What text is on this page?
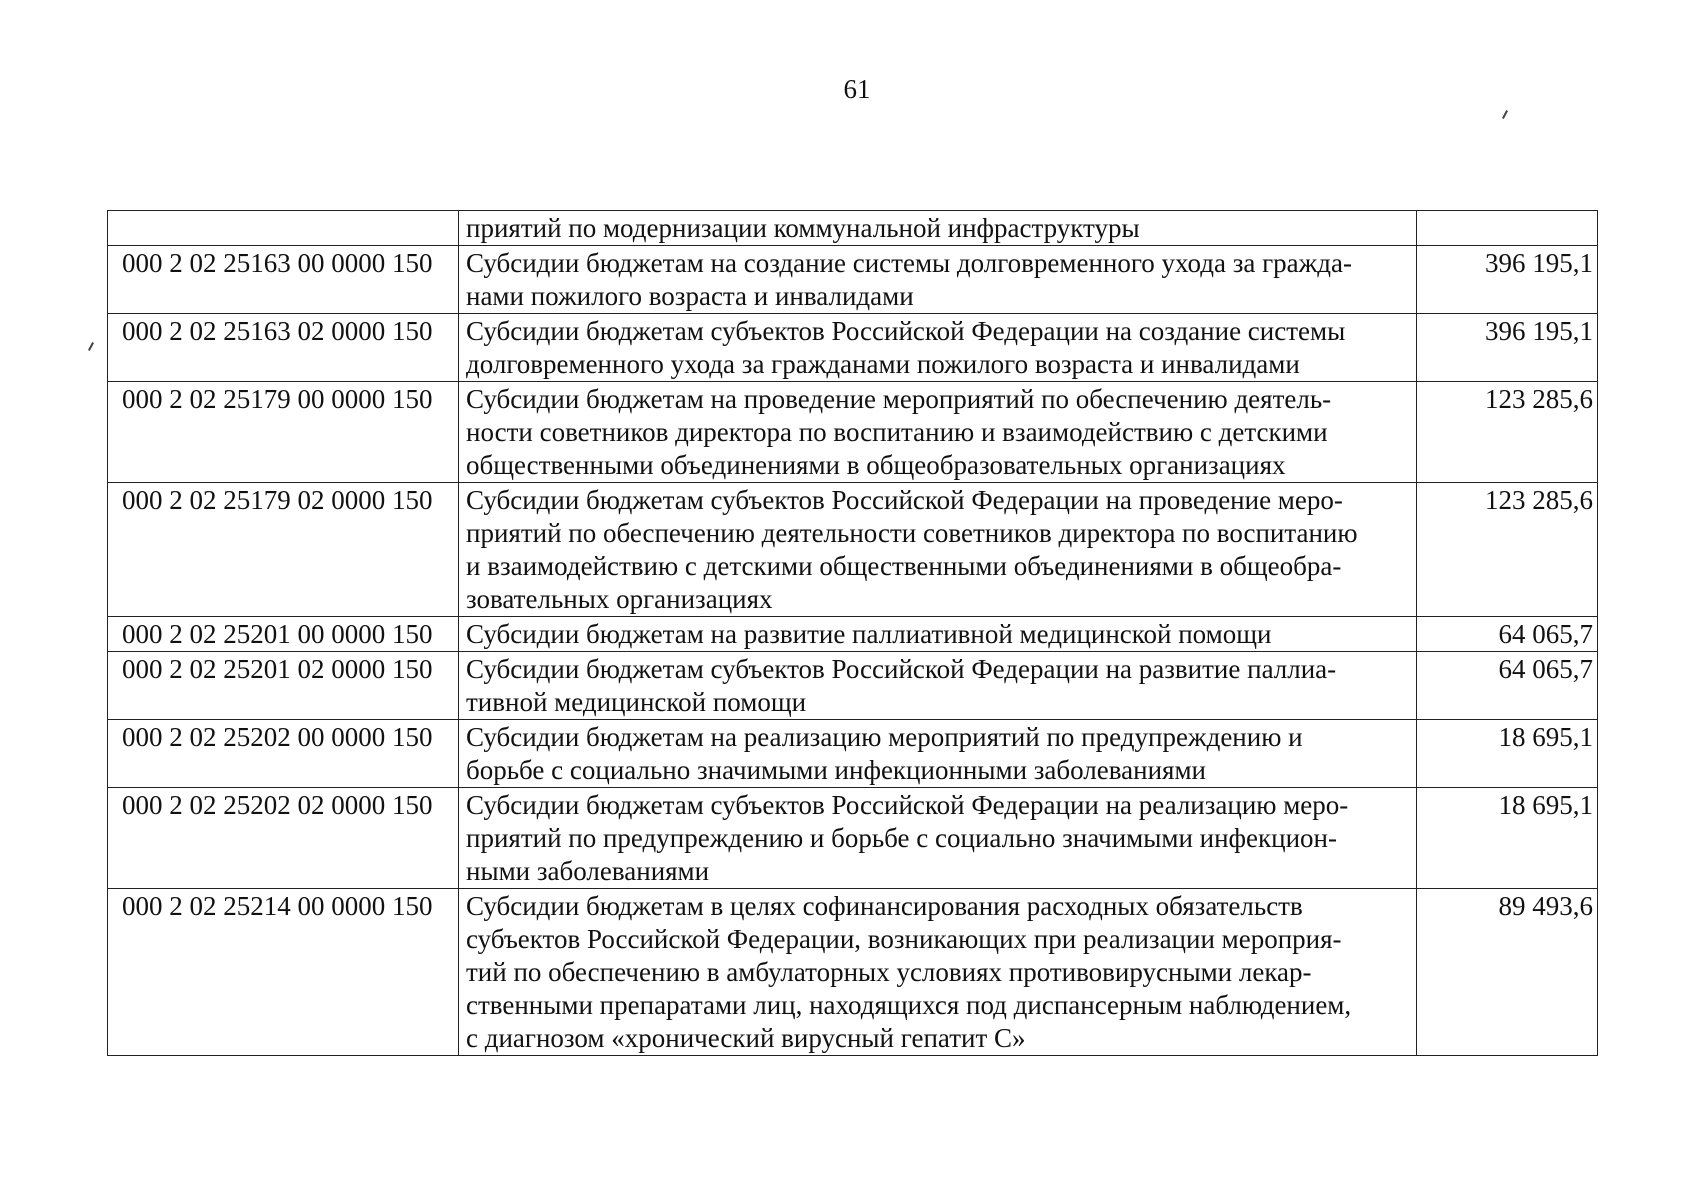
61
	приятий по модернизации коммунальной инфраструктуры	
000 2 02 25163 00 0000 150	Субсидии бюджетам на создание системы долговременного ухода за гражда-
нами пожилого возраста и инвалидами	396 195,1
000 2 02 25163 02 0000 150	Субсидии бюджетам субъектов Российской Федерации на создание системы
долговременного ухода за гражданами пожилого возраста и инвалидами	396 195,1
000 2 02 25179 00 0000 150	Субсидии бюджетам на проведение мероприятий по обеспечению деятель-
ности советников директора по воспитанию и взаимодействию с детскими
общественными объединениями в общеобразовательных организациях	123 285,6
000 2 02 25179 02 0000 150	Субсидии бюджетам субъектов Российской Федерации на проведение меро-
приятий по обеспечению деятельности советников директора по воспитанию
и взаимодействию с детскими общественными объединениями в общеобра-
зовательных организациях	123 285,6
000 2 02 25201 00 0000 150	Субсидии бюджетам на развитие паллиативной медицинской помощи	64 065,7
000 2 02 25201 02 0000 150	Субсидии бюджетам субъектов Российской Федерации на развитие паллиа-
тивной медицинской помощи	64 065,7
000 2 02 25202 00 0000 150	Субсидии бюджетам на реализацию мероприятий по предупреждению и
борьбе с социально значимыми инфекционными заболеваниями	18 695,1
000 2 02 25202 02 0000 150	Субсидии бюджетам субъектов Российской Федерации на реализацию меро-
приятий по предупреждению и борьбе с социально значимыми инфекцион-
ными заболеваниями	18 695,1
000 2 02 25214 00 0000 150	Субсидии бюджетам в целях софинансирования расходных обязательств
субъектов Российской Федерации, возникающих при реализации мероприя-
тий по обеспечению в амбулаторных условиях противовирусными лекар-
ственными препаратами лиц, находящихся под диспансерным наблюдением,
с диагнозом «хронический вирусный гепатит С»	89 493,6
